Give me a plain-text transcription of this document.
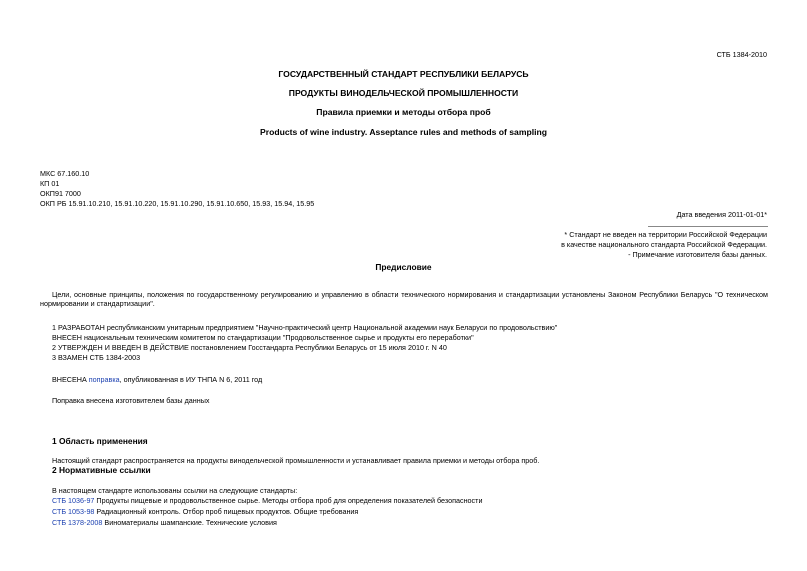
СТБ 1384-2010
ГОСУДАРСТВЕННЫЙ СТАНДАРТ РЕСПУБЛИКИ БЕЛАРУСЬ
ПРОДУКТЫ ВИНОДЕЛЬЧЕСКОЙ ПРОМЫШЛЕННОСТИ
Правила приемки и методы отбора проб
Products of wine industry. Asseptance rules and methods of sampling
МКС 67.160.10
КП 01
ОКП91 7000
ОКП РБ 15.91.10.210, 15.91.10.220, 15.91.10.290, 15.91.10.650, 15.93, 15.94, 15.95
Дата введения 2011-01-01*
* Стандарт не введен на территории Российской Федерации
в качестве национального стандарта Российской Федерации.
- Примечание изготовителя базы данных.
Предисловие
Цели, основные принципы, положения по государственному регулированию и управлению в области технического нормирования и стандартизации установлены Законом Республики Беларусь "О техническом нормировании и стандартизации".
1 РАЗРАБОТАН республиканским унитарным предприятием "Научно-практический центр Национальной академии наук Беларуси по продовольствию"
ВНЕСЕН национальным техническим комитетом по стандартизации "Продовольственное сырье и продукты его переработки"
2 УТВЕРЖДЕН И ВВЕДЕН В ДЕЙСТВИЕ постановлением Госстандарта Республики Беларусь от 15 июля 2010 г. N 40
3 ВЗАМЕН СТБ 1384-2003
ВНЕСЕНА поправка, опубликованная в ИУ ТНПА N 6, 2011 год
Поправка внесена изготовителем базы данных
1 Область применения
Настоящий стандарт распространяется на продукты винодельческой промышленности и устанавливает правила приемки и методы отбора проб.
2 Нормативные ссылки
В настоящем стандарте использованы ссылки на следующие стандарты:
СТБ 1036-97 Продукты пищевые и продовольственное сырье. Методы отбора проб для определения показателей безопасности
СТБ 1053-98 Радиационный контроль. Отбор проб пищевых продуктов. Общие требования
СТБ 1378-2008 Виноматериалы шампанские. Технические условия
